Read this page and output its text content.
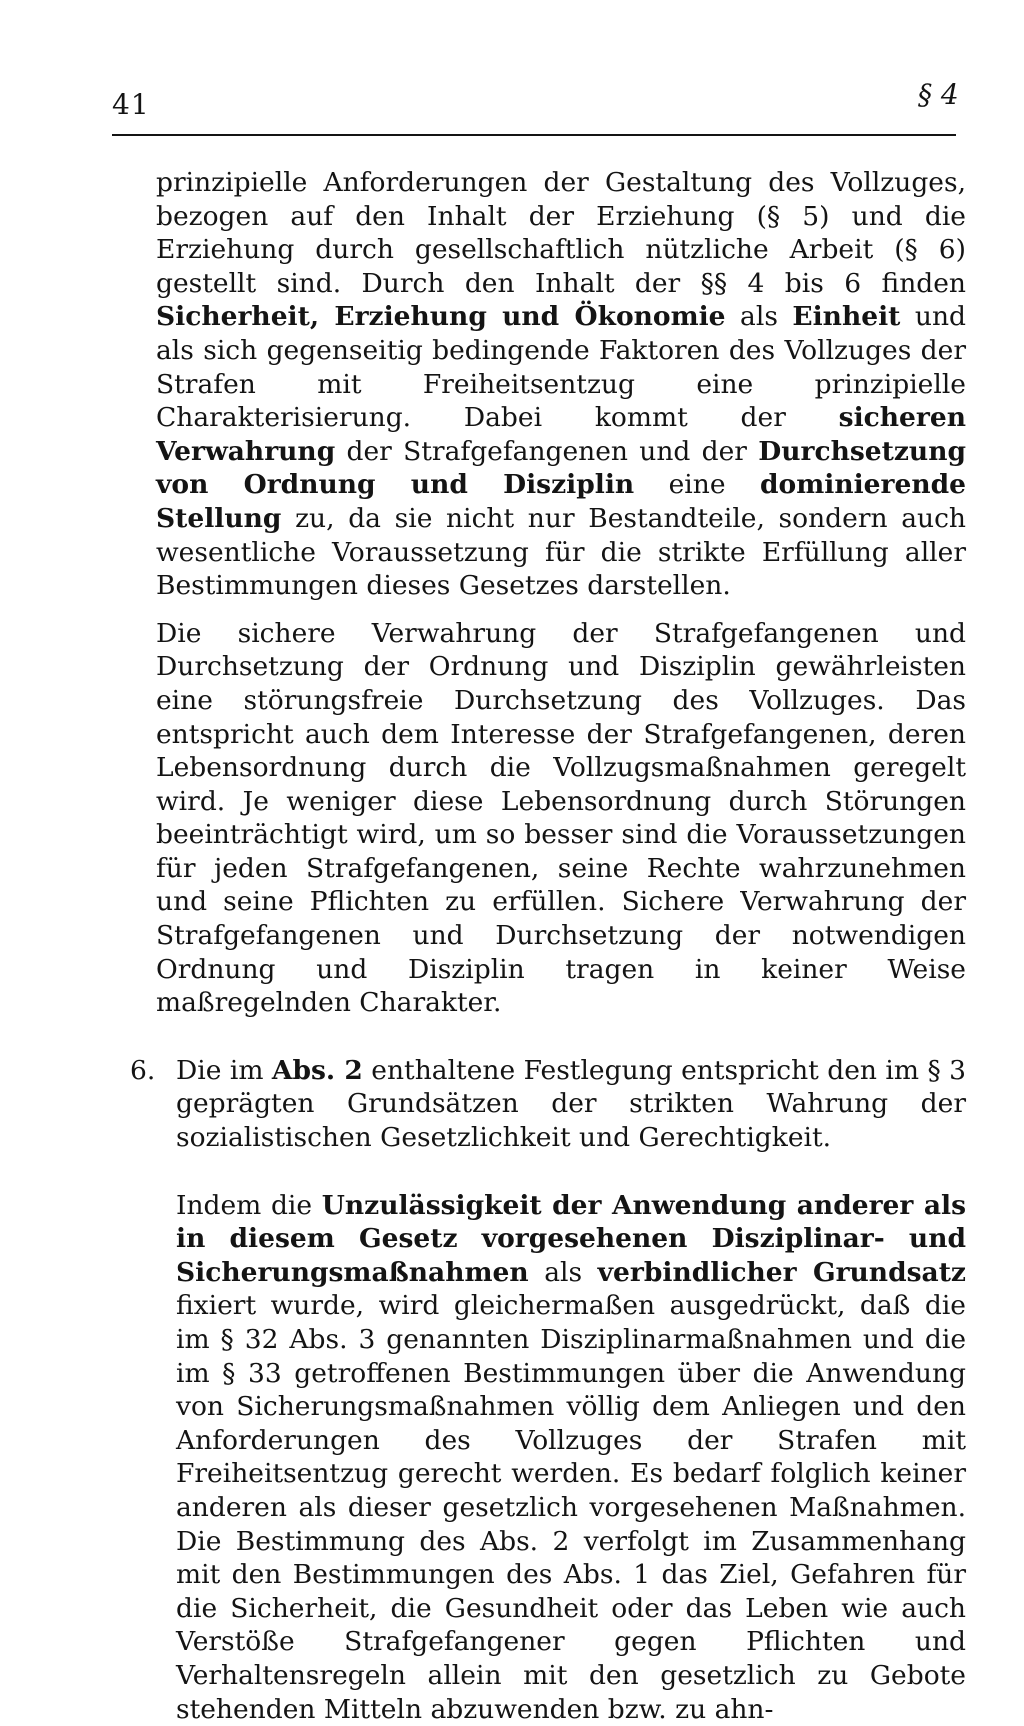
41	§ 4

prinzipielle Anforderungen der Gestaltung des Vollzuges, bezogen auf den Inhalt der Erziehung (§ 5) und die Erziehung durch gesellschaftlich nützliche Arbeit (§ 6) gestellt sind. Durch den Inhalt der §§ 4 bis 6 finden Sicherheit, Erziehung und Ökonomie als Einheit und als sich gegenseitig bedingende Faktoren des Vollzuges der Strafen mit Freiheitsentzug eine prinzipielle Charakterisierung. Dabei kommt der sicheren Verwahrung der Strafgefangenen und der Durchsetzung von Ordnung und Disziplin eine dominierende Stellung zu, da sie nicht nur Bestandteile, sondern auch wesentliche Voraussetzung für die strikte Erfüllung aller Bestimmungen dieses Gesetzes darstellen.

Die sichere Verwahrung der Strafgefangenen und Durchsetzung der Ordnung und Disziplin gewährleisten eine störungsfreie Durchsetzung des Vollzuges. Das entspricht auch dem Interesse der Strafgefangenen, deren Lebensordnung durch die Vollzugsmaßnahmen geregelt wird. Je weniger diese Lebensordnung durch Störungen beeinträchtigt wird, um so besser sind die Voraussetzungen für jeden Strafgefangenen, seine Rechte wahrzunehmen und seine Pflichten zu erfüllen. Sichere Verwahrung der Strafgefangenen und Durchsetzung der notwendigen Ordnung und Disziplin tragen in keiner Weise maßregelnden Charakter.

6. Die im Abs. 2 enthaltene Festlegung entspricht den im § 3 geprägten Grundsätzen der strikten Wahrung der sozialistischen Gesetzlichkeit und Gerechtigkeit.

Indem die Unzulässigkeit der Anwendung anderer als in diesem Gesetz vorgesehenen Disziplinar- und Sicherungsmaßnahmen als verbindlicher Grundsatz fixiert wurde, wird gleichermaßen ausgedrückt, daß die im § 32 Abs. 3 genannten Disziplinarmaßnahmen und die im § 33 getroffenen Bestimmungen über die Anwendung von Sicherungsmaßnahmen völlig dem Anliegen und den Anforderungen des Vollzuges der Strafen mit Freiheitsentzug gerecht werden. Es bedarf folglich keiner anderen als dieser gesetzlich vorgesehenen Maßnahmen. Die Bestimmung des Abs. 2 verfolgt im Zusammenhang mit den Bestimmungen des Abs. 1 das Ziel, Gefahren für die Sicherheit, die Gesundheit oder das Leben wie auch Verstöße Strafgefangener gegen Pflichten und Verhaltensregeln allein mit den gesetzlich zu Gebote stehenden Mitteln abzuwenden bzw. zu ahn-
